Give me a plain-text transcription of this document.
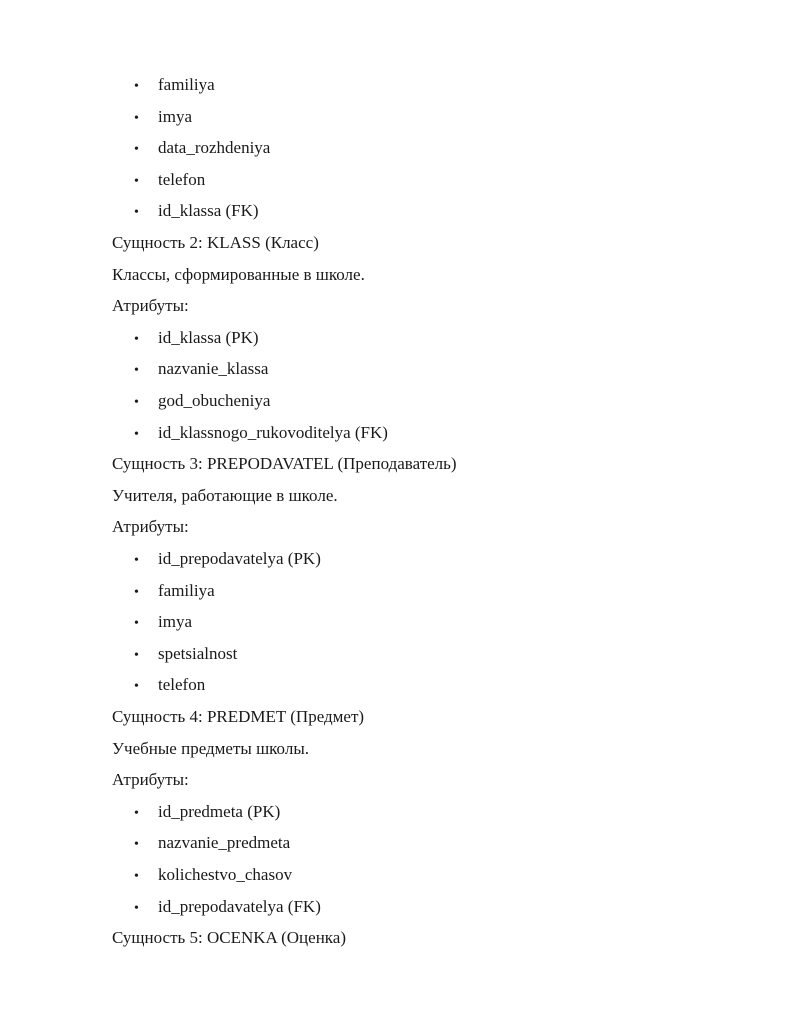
• familiya
• imya
• data_rozhdeniya
• telefon
• id_klassa (FK)
Сущность 2: KLASS (Класс)
Классы, сформированные в школе.
Атрибуты:
• id_klassa (PK)
• nazvanie_klassa
• god_obucheniya
• id_klassnogo_rukovoditelya (FK)
Сущность 3: PREPODAVATEL (Преподаватель)
Учителя, работающие в школе.
Атрибуты:
• id_prepodavatelya (PK)
• familiya
• imya
• spetsialnost
• telefon
Сущность 4: PREDMET (Предмет)
Учебные предметы школы.
Атрибуты:
• id_predmeta (PK)
• nazvanie_predmeta
• kolichestvo_chasov
• id_prepodavatelya (FK)
Сущность 5: OCENKA (Оценка)
